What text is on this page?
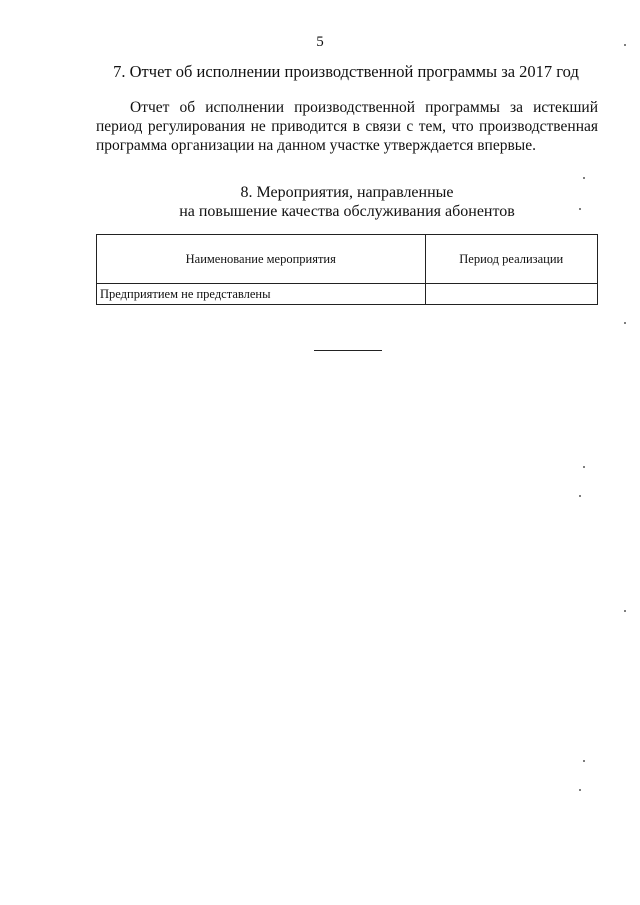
5
7. Отчет об исполнении производственной программы за 2017 год
Отчет об исполнении производственной программы за истекший период регулирования не приводится в связи с тем, что производственная программа организации на данном участке утверждается впервые.
8. Мероприятия, направленные
на повышение качества обслуживания абонентов
Наименование мероприятия	Период реализации
Предприятием не представлены	
